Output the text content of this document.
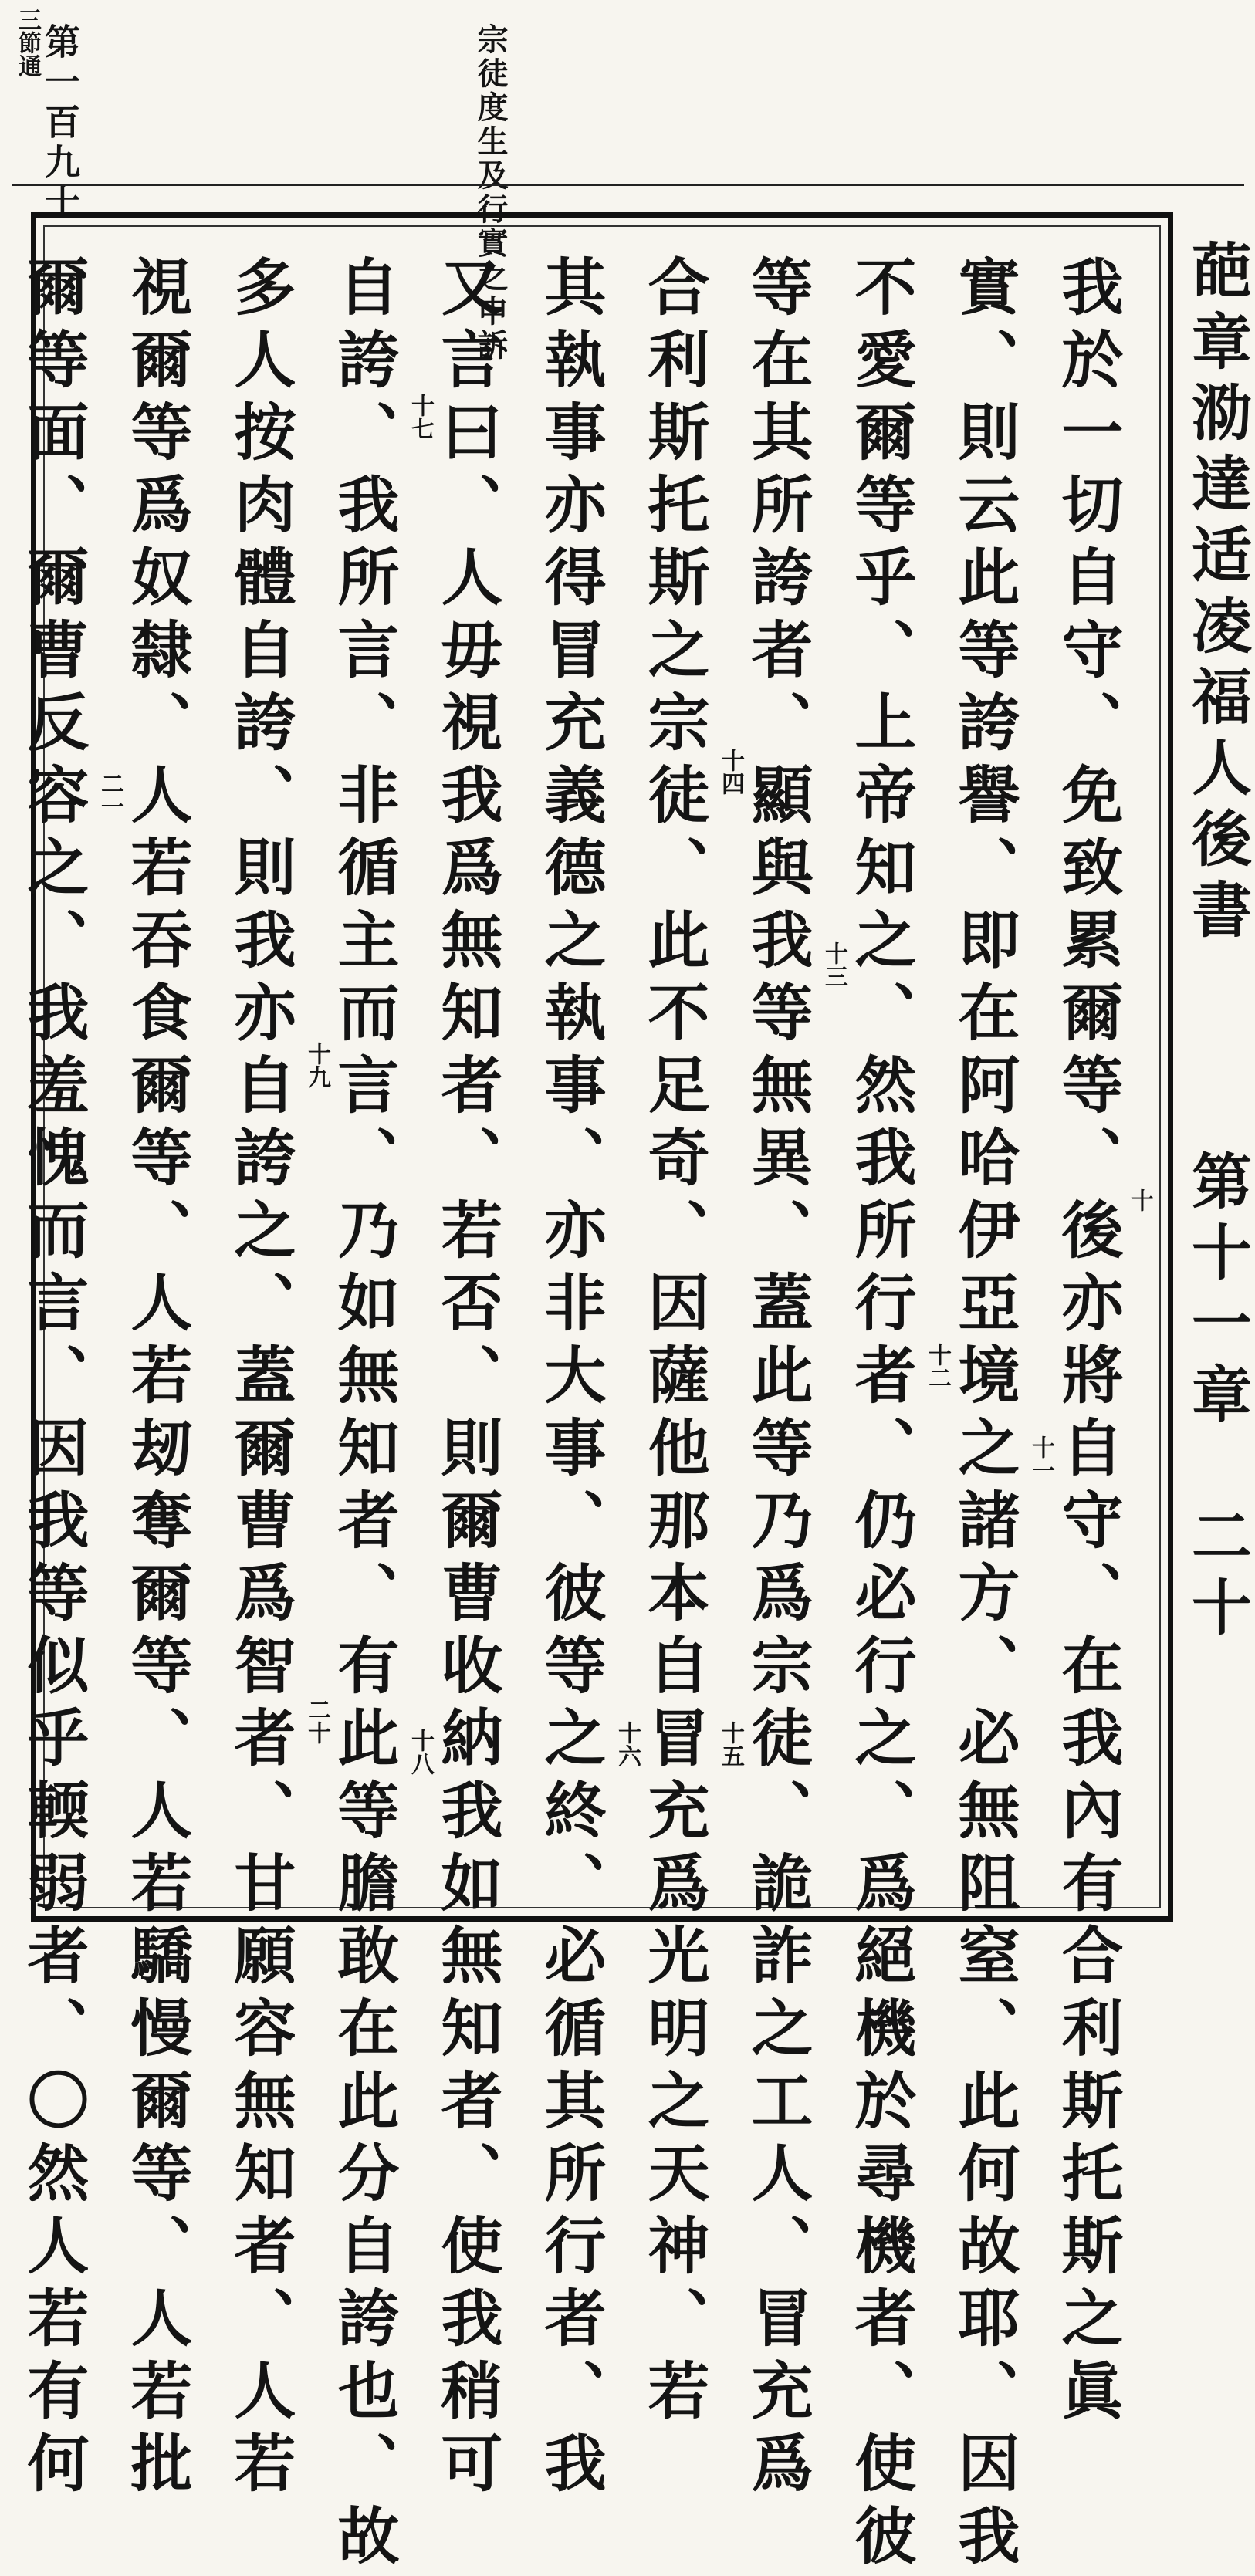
三節通
第一百九十	宗徒度生及行實之申訴
葩章泐達适凌福人後書
第十一章
二十
我於一切自守、免致累爾等、後亦將自守、在我內有合利斯托斯之眞
實、則云此等誇譽、即在阿哈伊亞境之諸方、必無阻窒、此何故耶、因我
不愛爾等乎、上帝知之、然我所行者、仍必行之、爲絕機於尋機者、使彼
等在其所誇者、顯與我等無異、蓋此等乃爲宗徒、詭詐之工人、冒充爲
合利斯托斯之宗徒、此不足奇、因薩他那本自冒充爲光明之天神、若
其執事亦得冒充義德之執事、亦非大事、彼等之終、必循其所行者、我
又言曰、人毋視我爲無知者、若否、則爾曹收納我如無知者、使我稍可
自誇、我所言、非循主而言、乃如無知者、有此等膽敢在此分自誇也、故
多人按肉體自誇、則我亦自誇之、蓋爾曹爲智者、甘願容無知者、人若
視爾等爲奴隸、人若吞食爾等、人若刼奪爾等、人若驕慢爾等、人若批
爾等面、爾曹反容之、我羞愧而言、因我等似乎輭弱者、〇然人若有何	十
十一
十二
十三
十四
十五
十六
十七
十八
十九
二十
二一
